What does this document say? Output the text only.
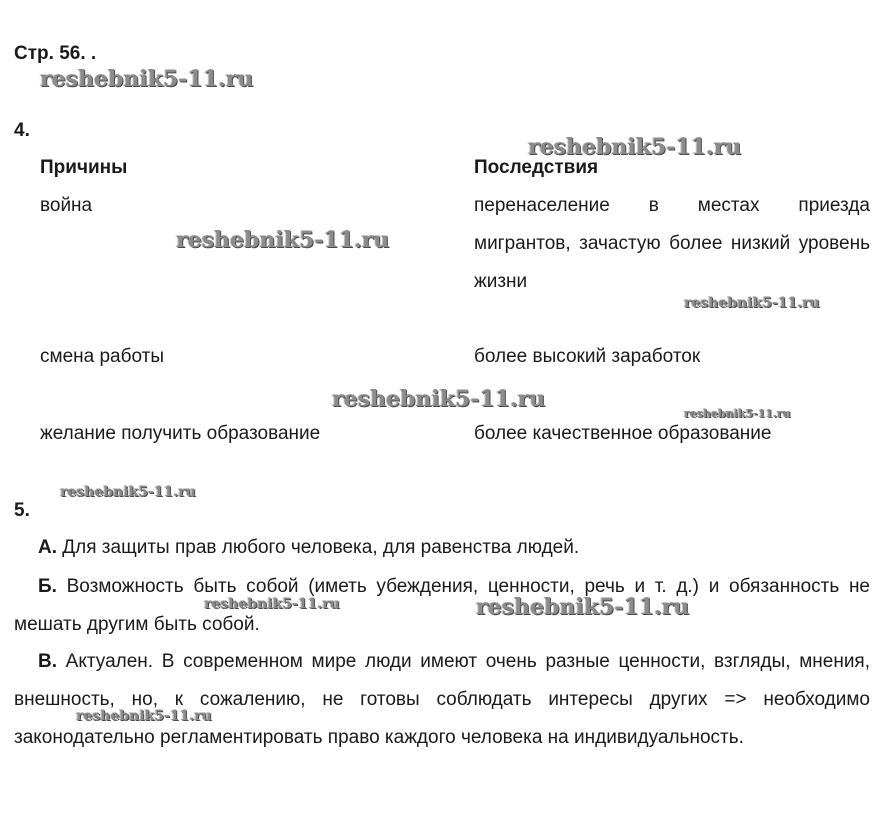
Стр. 56. .
4.
Причины	Последствия
война	перенаселение в местах приезда мигрантов, зачастую более низкий уровень жизни
смена работы	более высокий заработок
желание получить образование	более качественное образование
5.
А. Для защиты прав любого человека, для равенства людей.
Б. Возможность быть собой (иметь убеждения, ценности, речь и т. д.) и обязанность не мешать другим быть собой.
В. Актуален. В современном мире люди имеют очень разные ценности, взгляды, мнения, внешность, но, к сожалению, не готовы соблюдать интересы других => необходимо законодательно регламентировать право каждого человека на индивидуальность.
reshebnik5-11.ru
reshebnik5-11.ru
reshebnik5-11.ru
reshebnik5-11.ru
reshebnik5-11.ru
reshebnik5-11.ru
reshebnik5-11.ru
reshebnik5-11.ru	reshebnik5-11.ru
reshebnik5-11.ru
